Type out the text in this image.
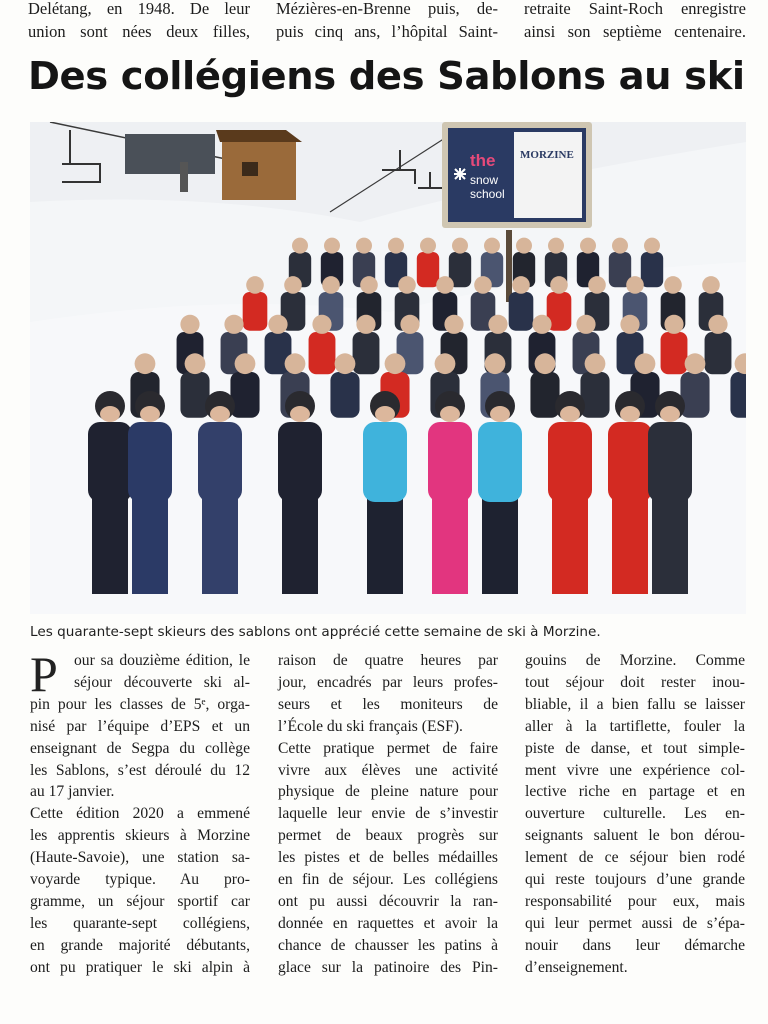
Delétang, en 1948. De leur
union sont nées deux filles,
Mézières-en-Brenne puis, de-
puis cinq ans, l’hôpital Saint-
retraite Saint-Roch enregistre
ainsi son septième centenaire.
Des collégiens des Sablons au ski
the
snow
school
MORZINE
Les quarante-sept skieurs des sablons ont apprécié cette semaine de ski à Morzine.
P	our sa douzième édition, le
séjour découverte ski al-
pin pour les classes de 5ᵉ, orga-
nisé par l’équipe d’EPS et un
enseignant de Segpa du collège
les Sablons, s’est déroulé du 12
au 17 janvier.
Cette édition 2020 a emmené
les apprentis skieurs à Morzine
(Haute-Savoie), une station sa-
voyarde typique. Au pro-
gramme, un séjour sportif car
les quarante-sept collégiens,
en grande majorité débutants,
ont pu pratiquer le ski alpin à
raison de quatre heures par
jour, encadrés par leurs profes-
seurs et les moniteurs de
l’École du ski français (ESF).
Cette pratique permet de faire
vivre aux élèves une activité
physique de pleine nature pour
laquelle leur envie de s’investir
permet de beaux progrès sur
les pistes et de belles médailles
en fin de séjour. Les collégiens
ont pu aussi découvrir la ran-
donnée en raquettes et avoir la
chance de chausser les patins à
glace sur la patinoire des Pin-
gouins de Morzine. Comme
tout séjour doit rester inou-
bliable, il a bien fallu se laisser
aller à la tartiflette, fouler la
piste de danse, et tout simple-
ment vivre une expérience col-
lective riche en partage et en
ouverture culturelle. Les en-
seignants saluent le bon dérou-
lement de ce séjour bien rodé
qui reste toujours d’une grande
responsabilité pour eux, mais
qui leur permet aussi de s’épa-
nouir dans leur démarche
d’enseignement.
